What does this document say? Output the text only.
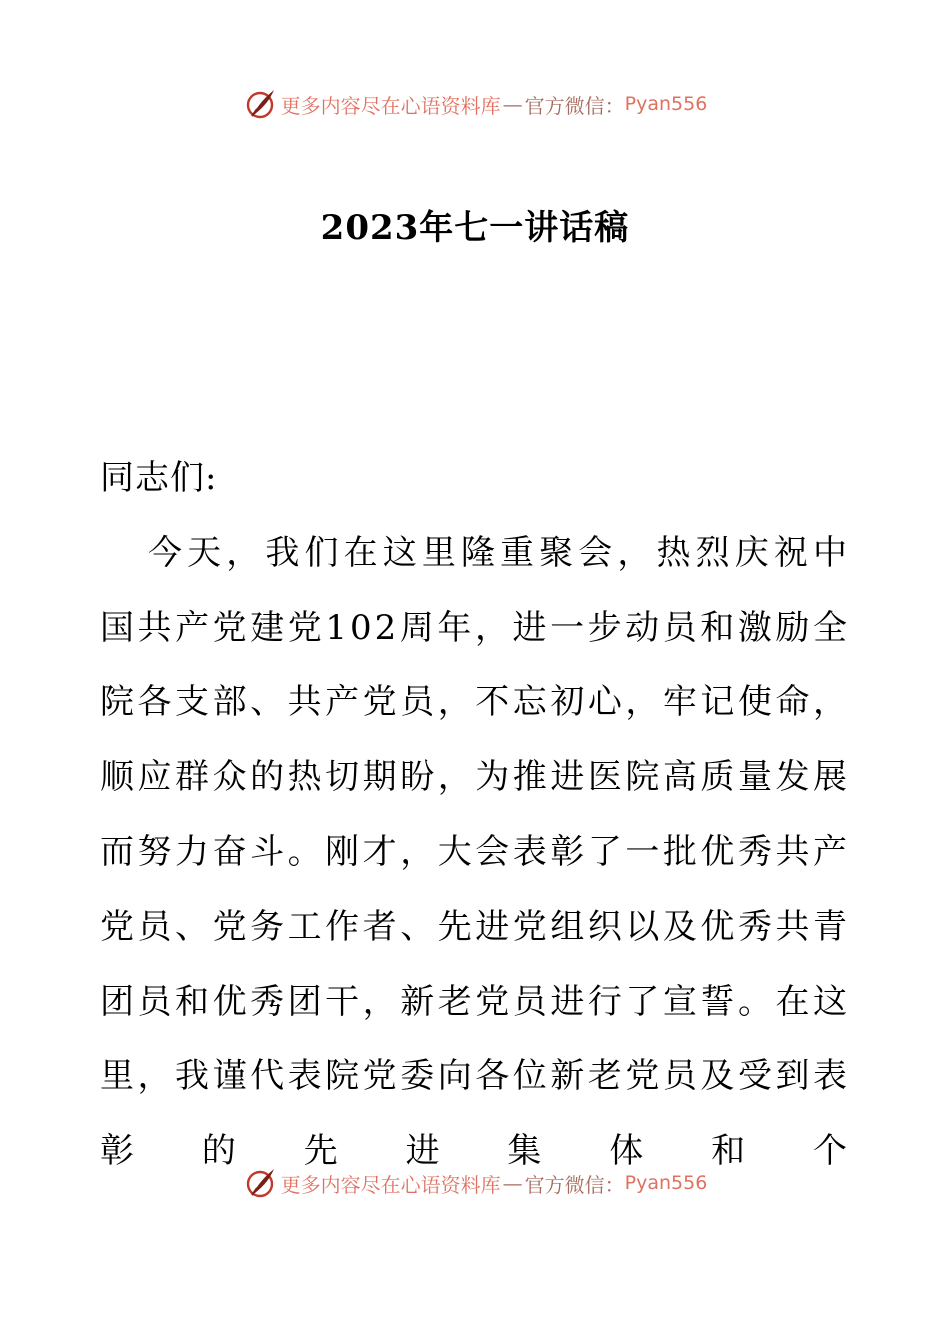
更多内容尽在心语资料库 — 官方微信： Pyan556
2023年七一讲话稿

同志们:

今天，我们在这里隆重聚会，热烈庆祝中国共产党建党102周年，进一步动员和激励全院各支部、共产党员，不忘初心，牢记使命，顺应群众的热切期盼，为推进医院高质量发展而努力奋斗。刚才，大会表彰了一批优秀共产党员、党务工作者、先进党组织以及优秀共青团员和优秀团干，新老党员进行了宣誓。在这里，我谨代表院党委向各位新老党员及受到表彰的先进集体和个

更多内容尽在心语资料库 — 官方微信： Pyan556
